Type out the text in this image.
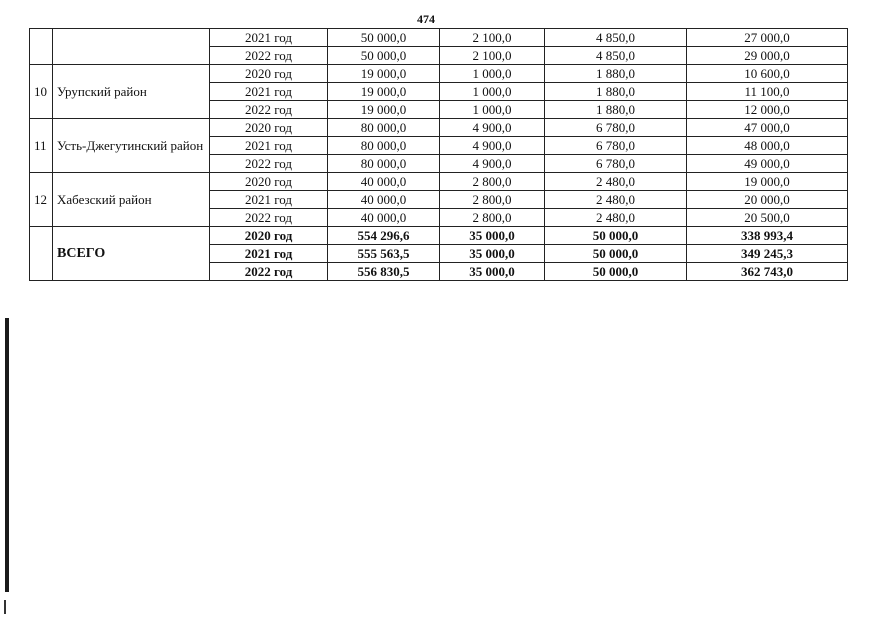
474
		2021 год	50 000,0	2 100,0	4 850,0	27 000,0
		2022 год	50 000,0	2 100,0	4 850,0	29 000,0
10	Урупский район	2020 год	19 000,0	1 000,0	1 880,0	10 600,0
		2021 год	19 000,0	1 000,0	1 880,0	11 100,0
		2022 год	19 000,0	1 000,0	1 880,0	12 000,0
11	Усть-Джегутинский район	2020 год	80 000,0	4 900,0	6 780,0	47 000,0
		2021 год	80 000,0	4 900,0	6 780,0	48 000,0
		2022 год	80 000,0	4 900,0	6 780,0	49 000,0
12	Хабезский район	2020 год	40 000,0	2 800,0	2 480,0	19 000,0
		2021 год	40 000,0	2 800,0	2 480,0	20 000,0
		2022 год	40 000,0	2 800,0	2 480,0	20 500,0
	ВСЕГО	2020 год	554 296,6	35 000,0	50 000,0	338 993,4
		2021 год	555 563,5	35 000,0	50 000,0	349 245,3
		2022 год	556 830,5	35 000,0	50 000,0	362 743,0
